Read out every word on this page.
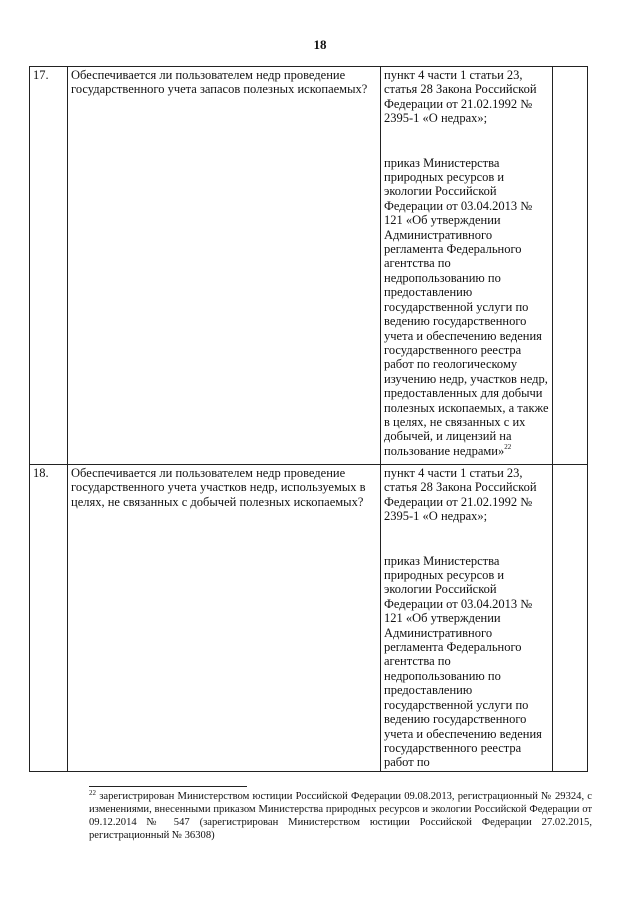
18
17.	Обеспечивается ли пользователем недр проведение государственного учета запасов полезных ископаемых?	пункт 4 части 1 статьи 23, статья 28 Закона Российской Федерации от 21.02.1992 № 2395-1 «О недрах»;
приказ Министерства природных ресурсов и экологии Российской Федерации от 03.04.2013 № 121 «Об утверждении Административного регламента Федерального агентства по недропользованию по предоставлению государственной услуги по ведению государственного учета и обеспечению ведения государственного реестра работ по геологическому изучению недр, участков недр, предоставленных для добычи полезных ископаемых, а также в целях, не связанных с их добычей, и лицензий на пользование недрами»$^{22}$	
18.	Обеспечивается ли пользователем недр проведение государственного учета участков недр, используемых в целях, не связанных с добычей полезных ископаемых?	пункт 4 части 1 статьи 23, статья 28 Закона Российской Федерации от 21.02.1992 № 2395-1 «О недрах»;
приказ Министерства природных ресурсов и экологии Российской Федерации от 03.04.2013 № 121 «Об утверждении Административного регламента Федерального агентства по недропользованию по предоставлению государственной услуги по ведению государственного учета и обеспечению ведения государственного реестра работ по	
$^{22}$ зарегистрирован Министерством юстиции Российской Федерации 09.08.2013, регистрационный № 29324, с изменениями, внесенными приказом Министерства природных ресурсов и экологии Российской Федерации от 09.12.2014 № 547 (зарегистрирован Министерством юстиции Российской Федерации 27.02.2015, регистрационный № 36308)
